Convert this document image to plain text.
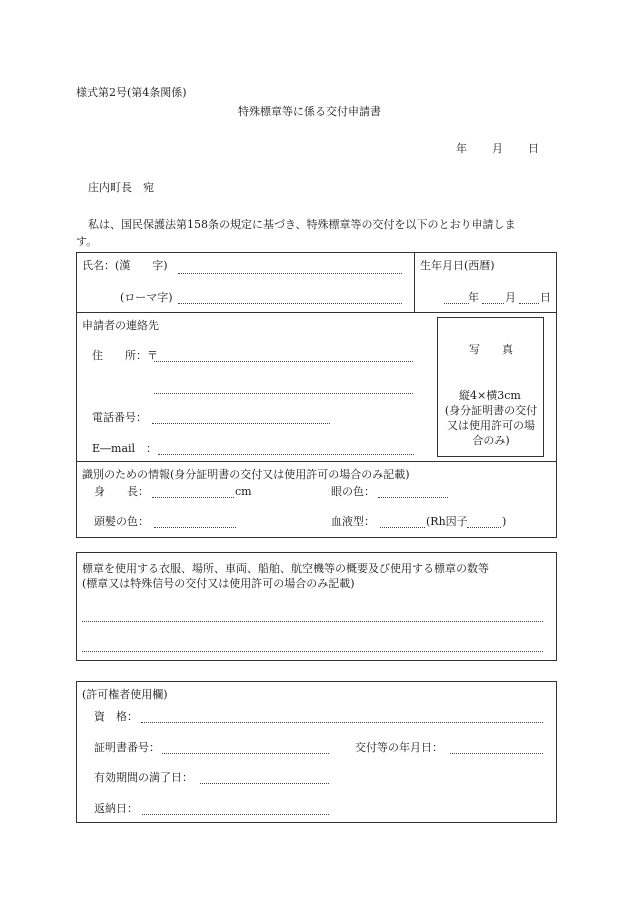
様式第2号(第4条関係)
特殊標章等に係る交付申請書
年 月 日
庄内町長　宛
私は、国民保護法第158条の規定に基づき、特殊標章等の交付を以下のとおり申請しま
す。
氏名：(漢　　字)
(ローマ字)
生年月日(西暦)
年 月 日
申請者の連絡先
住　　所：〒
電話番号：
E―mail　：
写　　真
縦4×横3cm
(身分証明書の交付又は使用許可の場合のみ)
識別のための情報(身分証明書の交付又は使用許可の場合のみ記載)
身　　長：	cm	眼の色：
頭髪の色：	血液型：	(Rh因子	)
標章を使用する衣服、場所、車両、船舶、航空機等の概要及び使用する標章の数等
(標章又は特殊信号の交付又は使用許可の場合のみ記載)
(許可権者使用欄)
資　格：
証明書番号：	交付等の年月日：
有効期間の満了日：
返納日：
